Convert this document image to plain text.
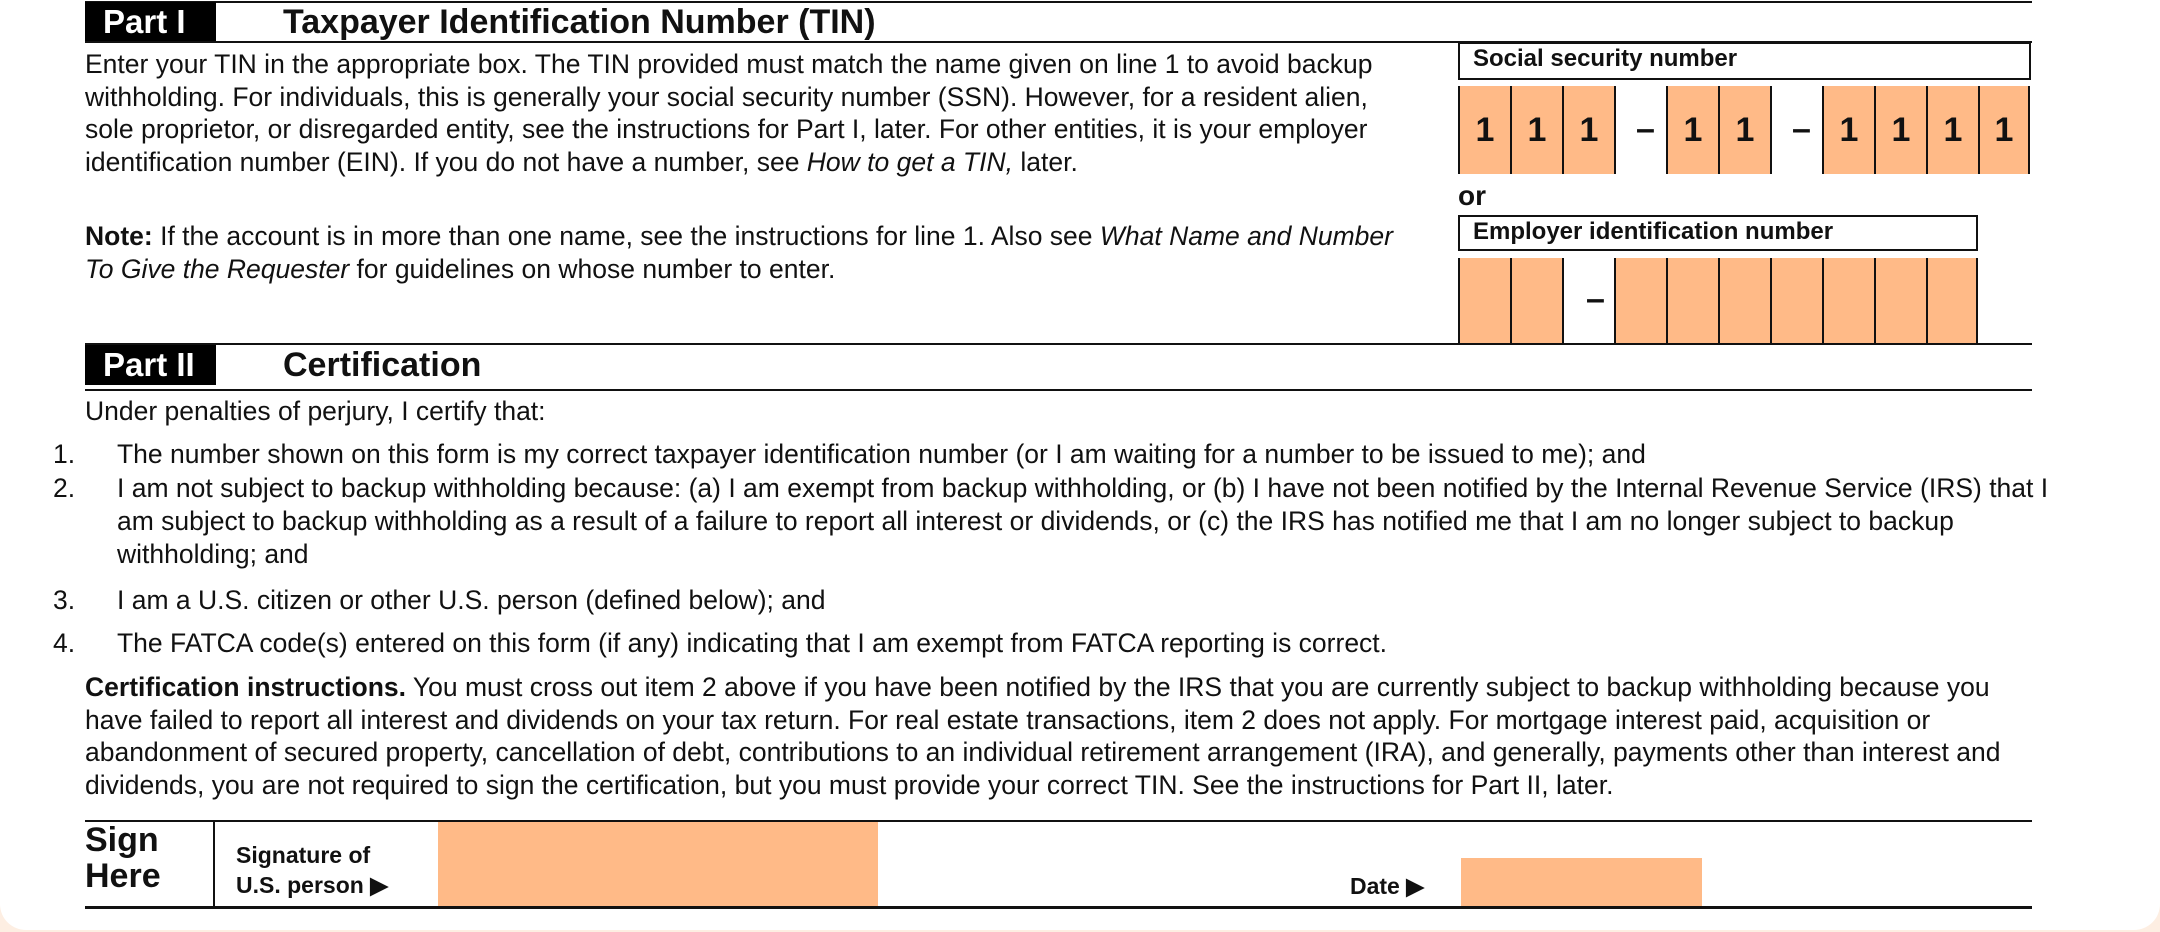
Part I	Taxpayer Identification Number (TIN)
Enter your TIN in the appropriate box. The TIN provided must match the name given on line 1 to avoid backup withholding. For individuals, this is generally your social security number (SSN). However, for a resident alien, sole proprietor, or disregarded entity, see the instructions for Part I, later. For other entities, it is your employer identification number (EIN). If you do not have a number, see How to get a TIN, later.
Note: If the account is in more than one name, see the instructions for line 1. Also see What Name and Number To Give the Requester for guidelines on whose number to enter.
Social security number
1 1 1	– 1 1	– 1 1 1 1
or
Employer identification number
–
Part II	Certification
Under penalties of perjury, I certify that:
1. The number shown on this form is my correct taxpayer identification number (or I am waiting for a number to be issued to me); and
2. I am not subject to backup withholding because: (a) I am exempt from backup withholding, or (b) I have not been notified by the Internal Revenue Service (IRS) that I am subject to backup withholding as a result of a failure to report all interest or dividends, or (c) the IRS has notified me that I am no longer subject to backup withholding; and
3. I am a U.S. citizen or other U.S. person (defined below); and
4. The FATCA code(s) entered on this form (if any) indicating that I am exempt from FATCA reporting is correct.
Certification instructions. You must cross out item 2 above if you have been notified by the IRS that you are currently subject to backup withholding because you have failed to report all interest and dividends on your tax return. For real estate transactions, item 2 does not apply. For mortgage interest paid, acquisition or abandonment of secured property, cancellation of debt, contributions to an individual retirement arrangement (IRA), and generally, payments other than interest and dividends, you are not required to sign the certification, but you must provide your correct TIN. See the instructions for Part II, later.
Sign
Here
Signature of
U.S. person ▶	Date ▶
